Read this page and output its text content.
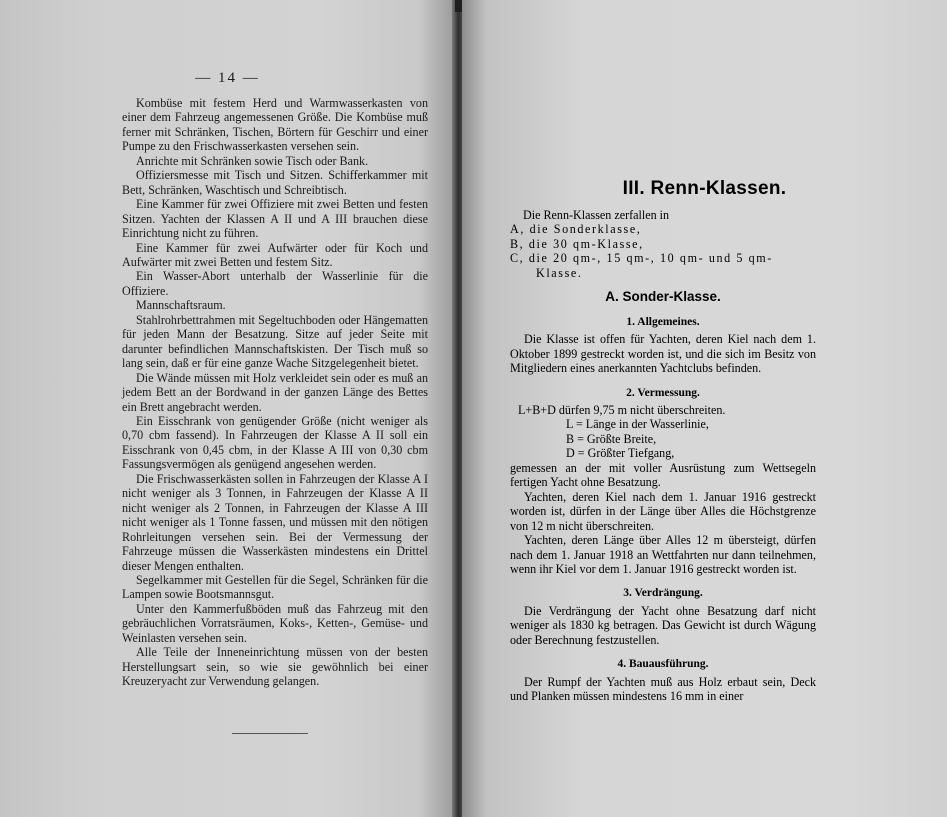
— 14 —

Kombüse mit festem Herd und Warmwasserkasten von einer dem Fahrzeug angemessenen Größe. Die Kombüse muß ferner mit Schränken, Tischen, Börtern für Geschirr und einer Pumpe zu den Frischwasserkasten versehen sein.

Anrichte mit Schränken sowie Tisch oder Bank.

Offiziersmesse mit Tisch und Sitzen. Schifferkammer mit Bett, Schränken, Waschtisch und Schreibtisch.

Eine Kammer für zwei Offiziere mit zwei Betten und festen Sitzen. Yachten der Klassen A II und A III brauchen diese Einrichtung nicht zu führen.

Eine Kammer für zwei Aufwärter oder für Koch und Aufwärter mit zwei Betten und festem Sitz.

Ein Wasser-Abort unterhalb der Wasserlinie für die Offiziere.

Mannschaftsraum.

Stahlrohrbettrahmen mit Segeltuchboden oder Hängematten für jeden Mann der Besatzung. Sitze auf jeder Seite mit darunter befindlichen Mannschaftskisten. Der Tisch muß so lang sein, daß er für eine ganze Wache Sitzgelegenheit bietet.

Die Wände müssen mit Holz verkleidet sein oder es muß an jedem Bett an der Bordwand in der ganzen Länge des Bettes ein Brett angebracht werden.

Ein Eisschrank von genügender Größe (nicht weniger als 0,70 cbm fassend). In Fahrzeugen der Klasse A II soll ein Eisschrank von 0,45 cbm, in der Klasse A III von 0,30 cbm Fassungsvermögen als genügend angesehen werden.

Die Frischwasserkästen sollen in Fahrzeugen der Klasse A I nicht weniger als 3 Tonnen, in Fahrzeugen der Klasse A II nicht weniger als 2 Tonnen, in Fahrzeugen der Klasse A III nicht weniger als 1 Tonne fassen, und müssen mit den nötigen Rohrleitungen versehen sein. Bei der Vermessung der Fahrzeuge müssen die Wasserkästen mindestens ein Drittel dieser Mengen enthalten.

Segelkammer mit Gestellen für die Segel, Schränken für die Lampen sowie Bootsmannsgut.

Unter den Kammerfußböden muß das Fahrzeug mit den gebräuchlichen Vorratsräumen, Koks-, Ketten-, Gemüse- und Weinlasten versehen sein.

Alle Teile der Inneneinrichtung müssen von der besten Herstellungsart sein, so wie sie gewöhnlich bei einer Kreuzeryacht zur Verwendung gelangen.

III. Renn-Klassen.

Die Renn-Klassen zerfallen in

A, die Sonderklasse,

B, die 30 qm-Klasse,

C, die 20 qm-, 15 qm-, 10 qm- und 5 qm-

Klasse.

A. Sonder-Klasse.
1. Allgemeines.

Die Klasse ist offen für Yachten, deren Kiel nach dem 1. Oktober 1899 gestreckt worden ist, und die sich im Besitz von Mitgliedern eines anerkannten Yachtclubs befinden.

2. Vermessung.

L+B+D dürfen 9,75 m nicht überschreiten.

L = Länge in der Wasserlinie,

B = Größte Breite,

D = Größter Tiefgang,

gemessen an der mit voller Ausrüstung zum Wettsegeln fertigen Yacht ohne Besatzung.

Yachten, deren Kiel nach dem 1. Januar 1916 gestreckt worden ist, dürfen in der Länge über Alles die Höchstgrenze von 12 m nicht überschreiten.

Yachten, deren Länge über Alles 12 m übersteigt, dürfen nach dem 1. Januar 1918 an Wettfahrten nur dann teilnehmen, wenn ihr Kiel vor dem 1. Januar 1916 gestreckt worden ist.

3. Verdrängung.

Die Verdrängung der Yacht ohne Besatzung darf nicht weniger als 1830 kg betragen. Das Gewicht ist durch Wägung oder Berechnung festzustellen.

4. Bauausführung.

Der Rumpf der Yachten muß aus Holz erbaut sein, Deck und Planken müssen mindestens 16 mm in einer
